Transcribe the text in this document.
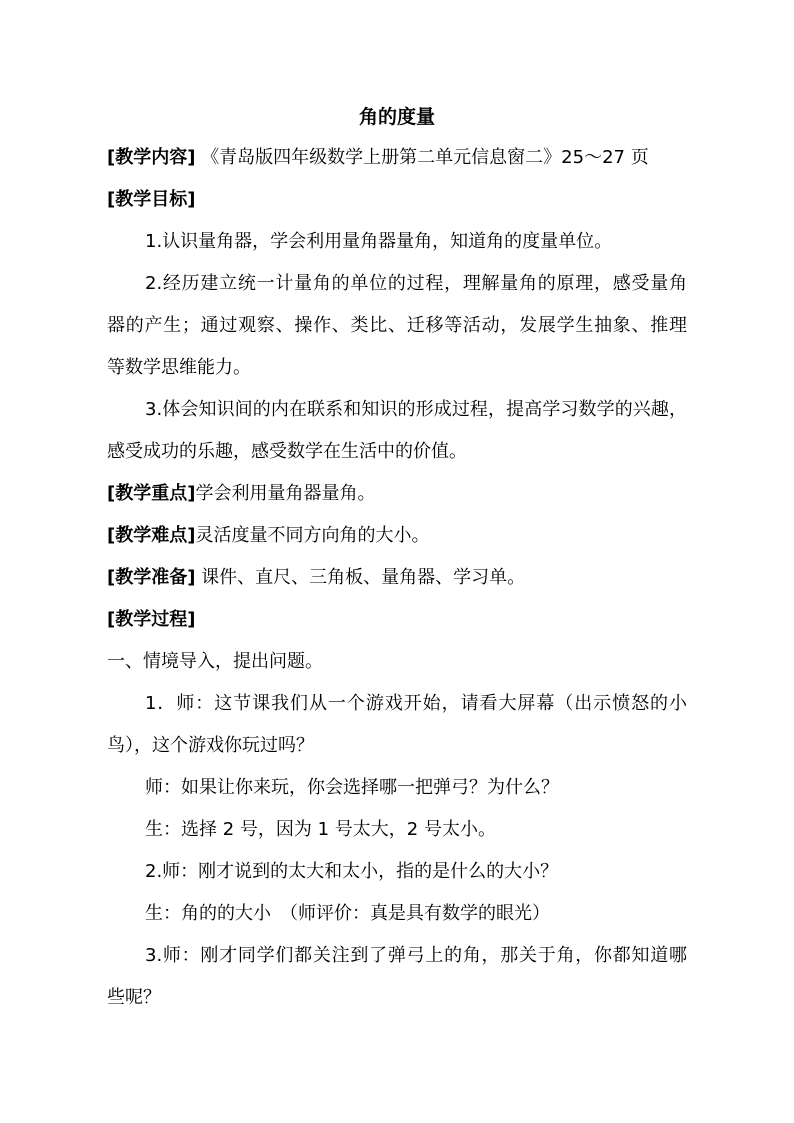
角的度量
[教学内容] 《青岛版四年级数学上册第二单元信息窗二》25～27 页
[教学目标]
1.认识量角器，学会利用量角器量角，知道角的度量单位。
2.经历建立统一计量角的单位的过程，理解量角的原理，感受量角
器的产生；通过观察、操作、类比、迁移等活动，发展学生抽象、推理
等数学思维能力。
3.体会知识间的内在联系和知识的形成过程，提高学习数学的兴趣，
感受成功的乐趣，感受数学在生活中的价值。
[教学重点]学会利用量角器量角。
[教学难点]灵活度量不同方向角的大小。
[教学准备] 课件、直尺、三角板、量角器、学习单。
[教学过程]
一、情境导入，提出问题。
1．师：这节课我们从一个游戏开始，请看大屏幕（出示愤怒的小
鸟），这个游戏你玩过吗？
师：如果让你来玩，你会选择哪一把弹弓？为什么？
生：选择 2 号，因为 1 号太大，2 号太小。
2.师：刚才说到的太大和太小，指的是什么的大小？
生：角的的大小　（师评价：真是具有数学的眼光）
3.师：刚才同学们都关注到了弹弓上的角，那关于角，你都知道哪
些呢？
